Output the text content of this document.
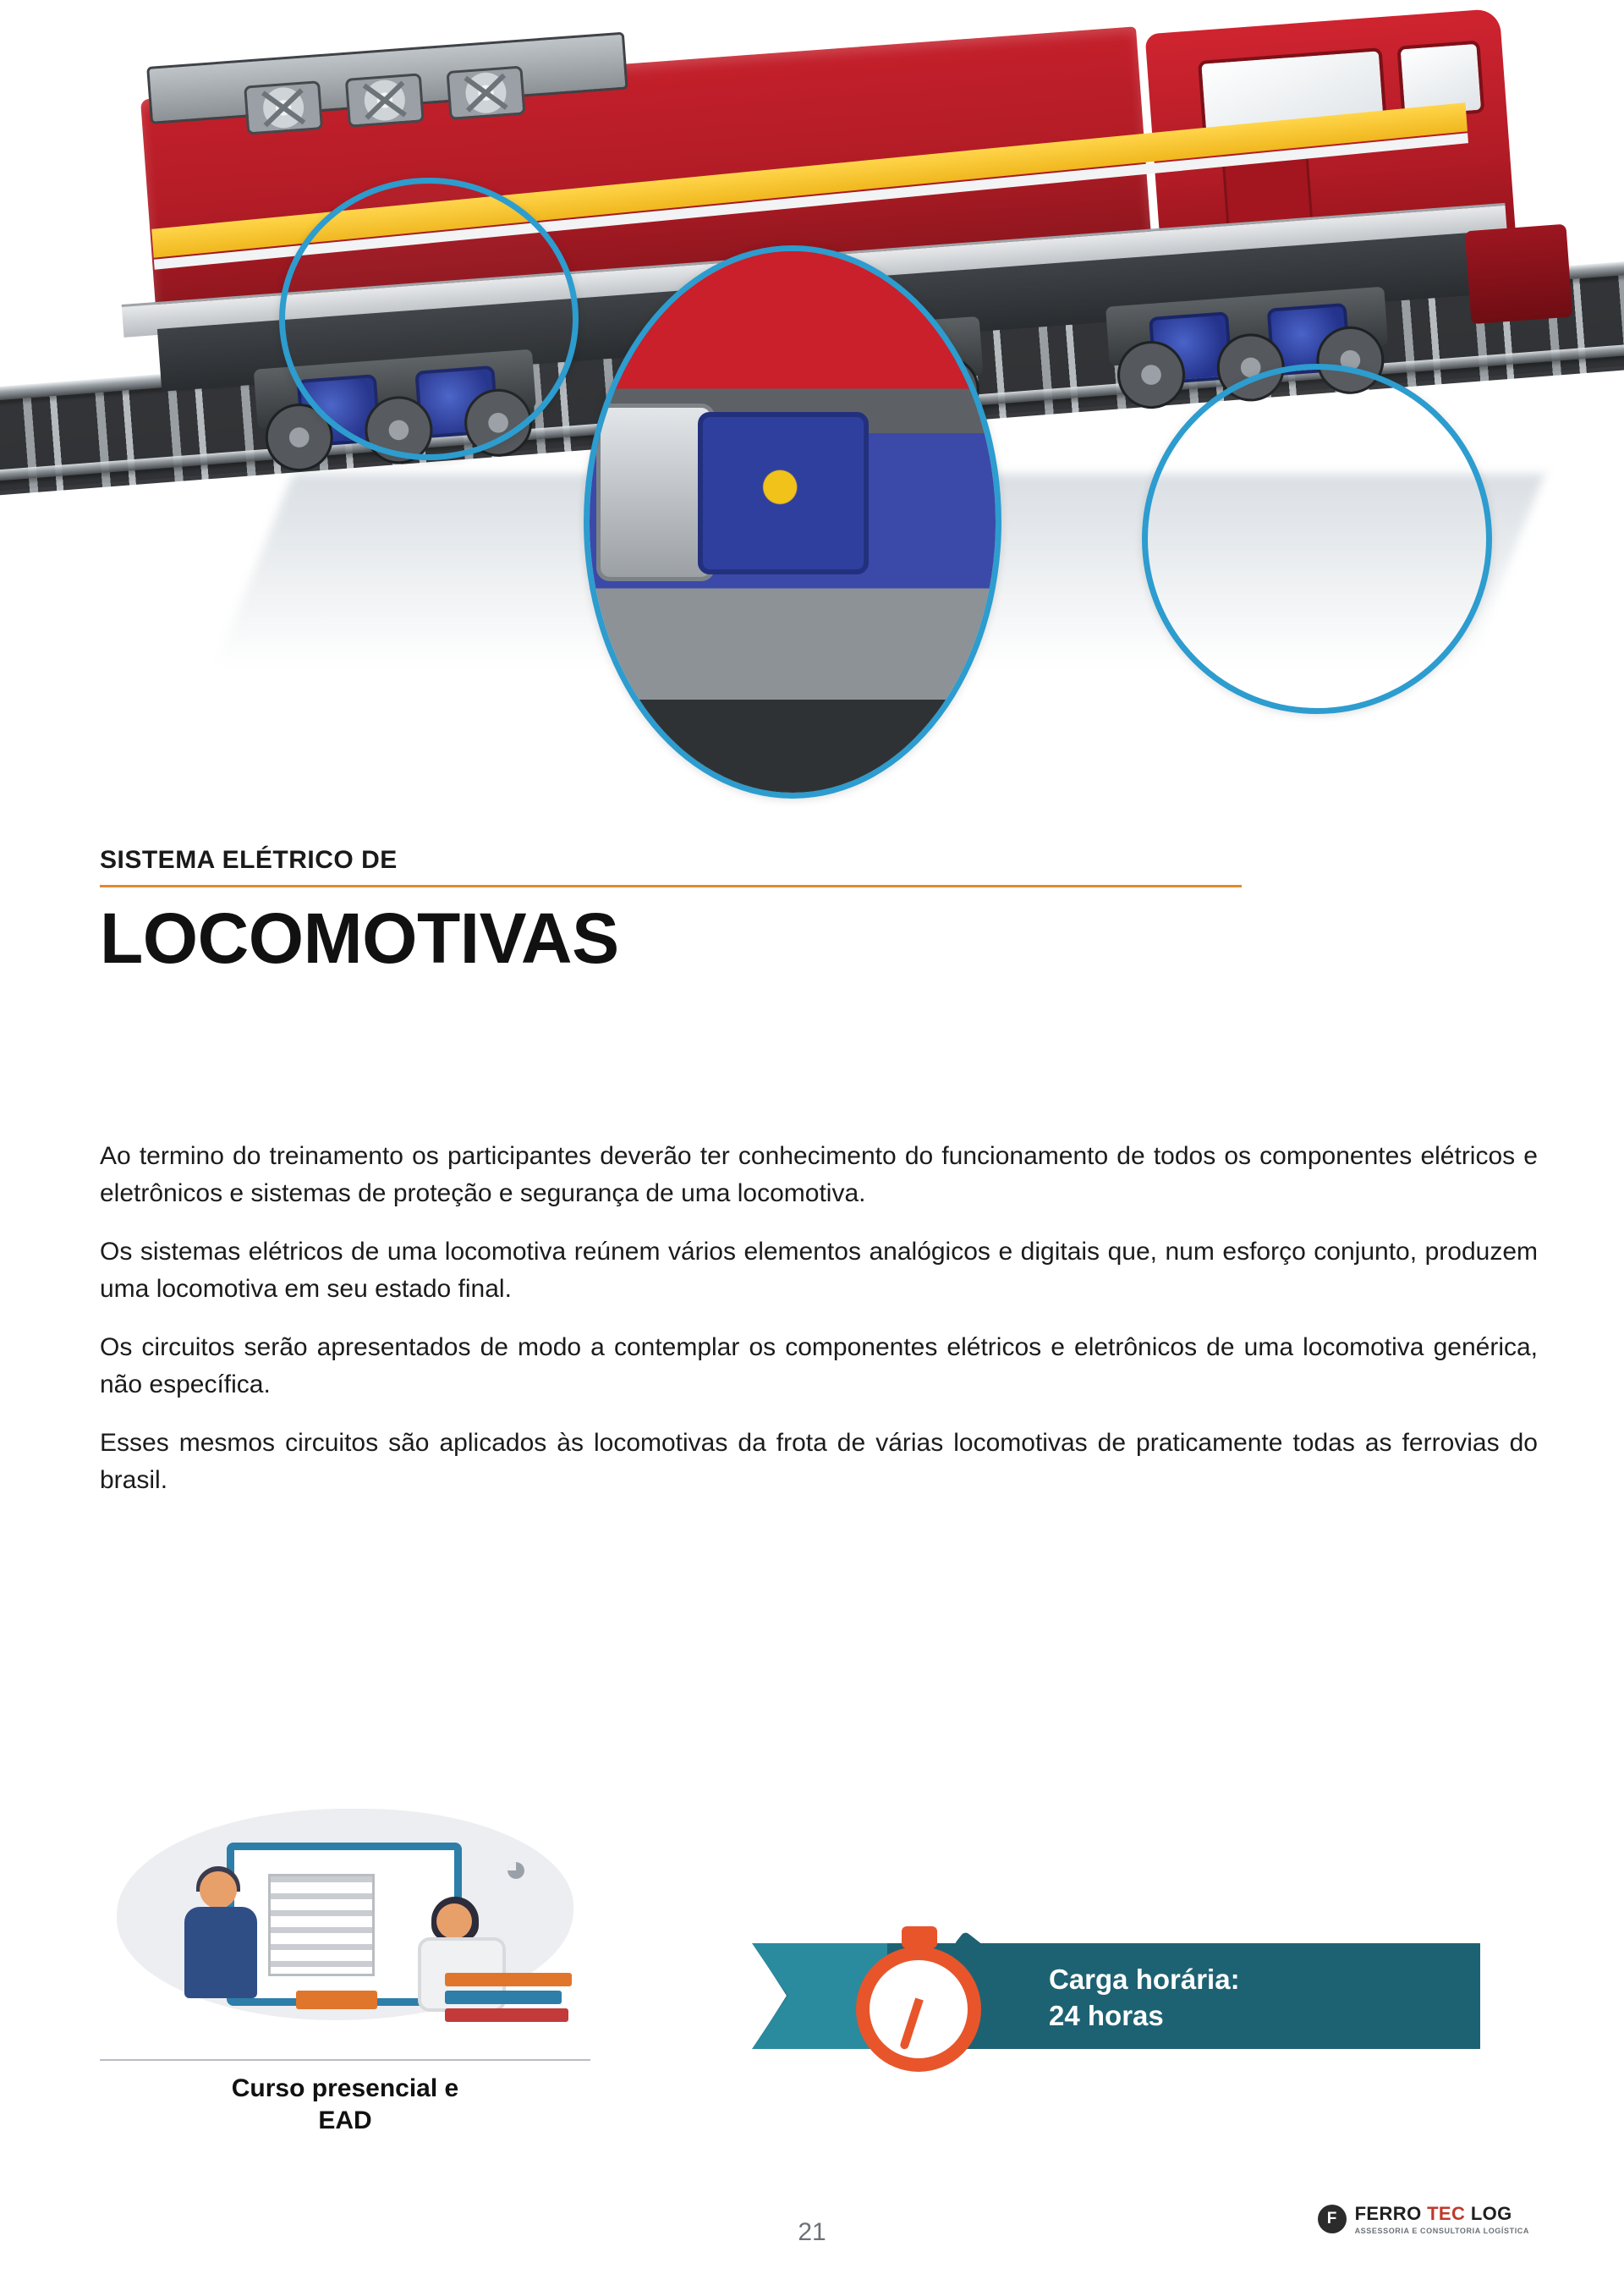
SISTEMA ELÉTRICO DE
LOCOMOTIVAS

Ao termino do treinamento os participantes deverão ter conhecimento do funcionamento de todos os componentes elétricos e eletrônicos e sistemas de proteção e segurança de uma locomotiva.

Os sistemas elétricos de uma locomotiva reúnem vários elementos analógicos e digitais que, num esforço conjunto, produzem uma locomotiva em seu estado final.

Os circuitos serão apresentados de modo a contemplar os componentes elétricos e eletrônicos de uma locomotiva genérica, não específica.

Esses mesmos circuitos são aplicados às locomotivas da frota de várias locomotivas de praticamente todas as ferrovias do brasil.

◕
Curso presencial e
EAD
Carga horária:
24 horas
21	F FERRO TEC LOG
ASSESSORIA E CONSULTORIA LOGÍSTICA
